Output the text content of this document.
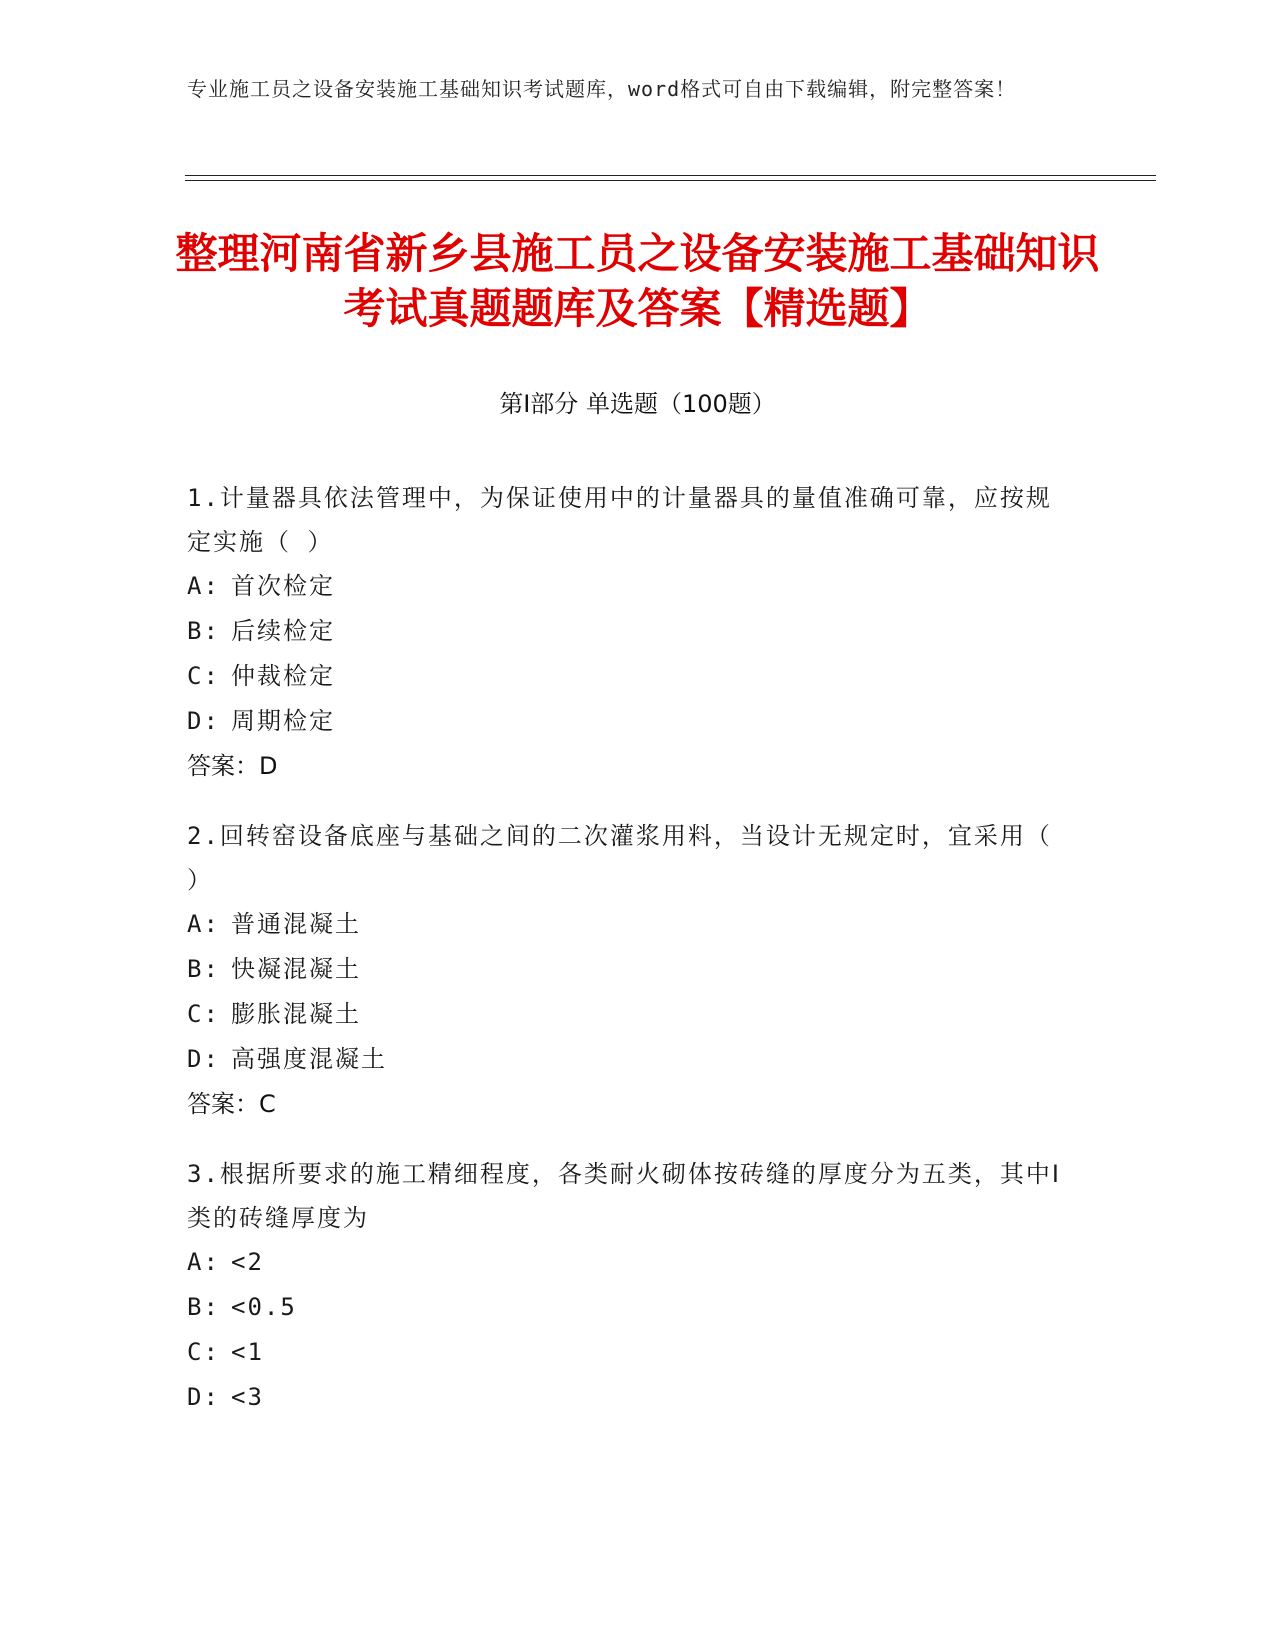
专业施工员之设备安装施工基础知识考试题库，word格式可自由下载编辑，附完整答案！
整理河南省新乡县施工员之设备安装施工基础知识考试真题题库及答案【精选题】
第Ⅰ部分 单选题（100题）
1.计量器具依法管理中，为保证使用中的计量器具的量值准确可靠，应按规定实施（ ）
A: 首次检定
B: 后续检定
C: 仲裁检定
D: 周期检定
答案：D
2.回转窑设备底座与基础之间的二次灌浆用料，当设计无规定时，宜采用（ ）
A: 普通混凝土
B: 快凝混凝土
C: 膨胀混凝土
D: 高强度混凝土
答案：C
3.根据所要求的施工精细程度，各类耐火砌体按砖缝的厚度分为五类，其中Ⅰ类的砖缝厚度为
A: <2
B: <0.5
C: <1
D: <3
